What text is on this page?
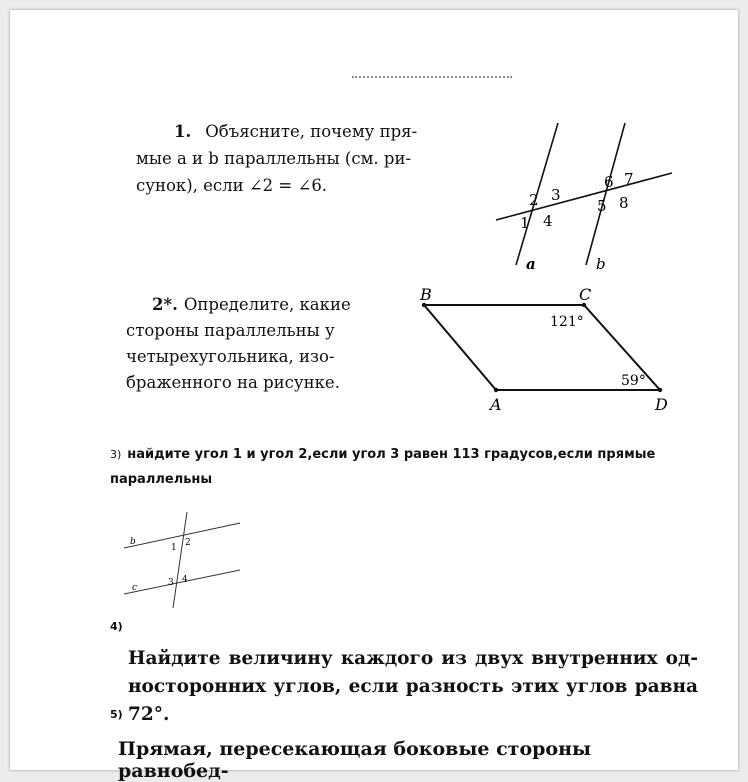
1. Объясните, почему пря-
мые a и b параллельны (см. ри-
сунок), если ∠2 = ∠6.
1
2 3
4
5
6 7
8
a	b
2*. Определите, какие
стороны параллельны у
четырехугольника, изо-
браженного на рисунке.
B	C
A	D
121°
59°
3) найдите угол 1 и угол 2,если угол 3 равен 113 градусов,если прямые параллельны
b
1 2
c	3 4
4)
Найдите величину каждого из двух внутренних од-носторонних углов, если разность этих углов равна 72°.
5)
Прямая, пересекающая боковые стороны равнобед-
